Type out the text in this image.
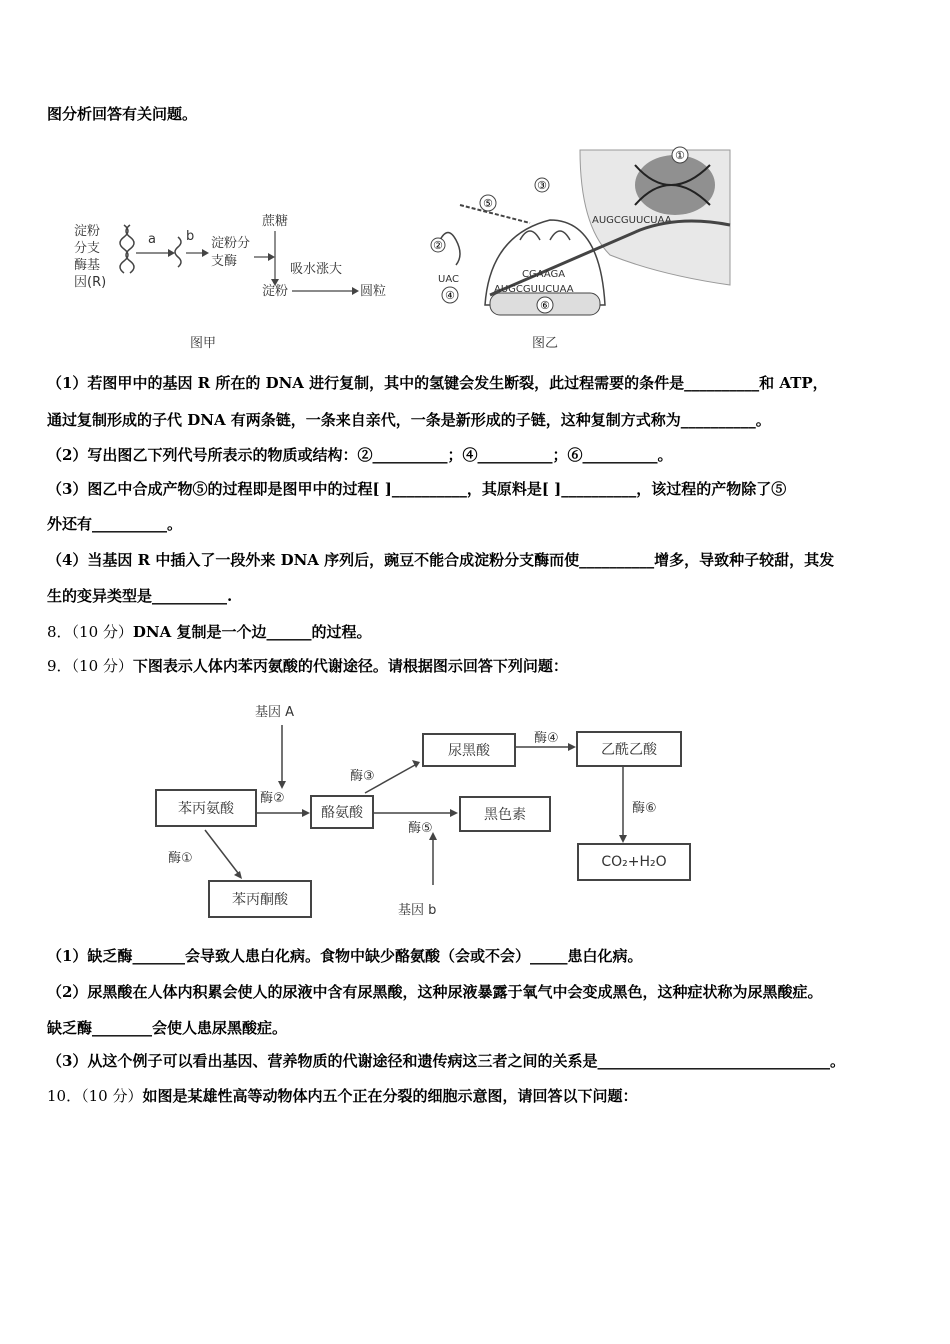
图分析回答有关问题。
淀粉
分支
酶基
因(R)
a b 淀粉分
支酶
蔗糖
吸水涨大
淀粉	圆粒
图甲
①
AUGCGUUCUAA
AUGCGUUCUAA
⑥
④
②
UAC	CGAAGA
⑤
③
图乙
（1）若图甲中的基因 R 所在的 DNA 进行复制，其中的氢键会发生断裂，此过程需要的条件是__________和 ATP，
通过复制形成的子代 DNA 有两条链，一条来自亲代，一条是新形成的子链，这种复制方式称为__________。
（2）写出图乙下列代号所表示的物质或结构：②__________；④__________；⑥__________。
（3）图乙中合成产物⑤的过程即是图甲中的过程[ ]__________，其原料是[ ]__________，该过程的产物除了⑤
外还有__________。
（4）当基因 R 中插入了一段外来 DNA 序列后，豌豆不能合成淀粉分支酶而使__________增多，导致种子较甜，其发
生的变异类型是__________.
8．（10 分）DNA 复制是一个边______的过程。
9．（10 分）下图表示人体内苯丙氨酸的代谢途径。请根据图示回答下列问题：
基因 A
苯丙氨酸
酶②
酪氨酸
酶③
尿黑酸
酶④
乙酰乙酸
酶⑥
CO₂+H₂O
黑色素
酶⑤
基因 b
酶①
苯丙酮酸
（1）缺乏酶_______会导致人患白化病。食物中缺少酪氨酸（会或不会）_____患白化病。
（2）尿黑酸在人体内积累会使人的尿液中含有尿黑酸，这种尿液暴露于氧气中会变成黑色，这种症状称为尿黑酸症。
缺乏酶________会使人患尿黑酸症。
（3）从这个例子可以看出基因、营养物质的代谢途径和遗传病这三者之间的关系是_______________________________。
10．（10 分）如图是某雄性高等动物体内五个正在分裂的细胞示意图，请回答以下问题：
